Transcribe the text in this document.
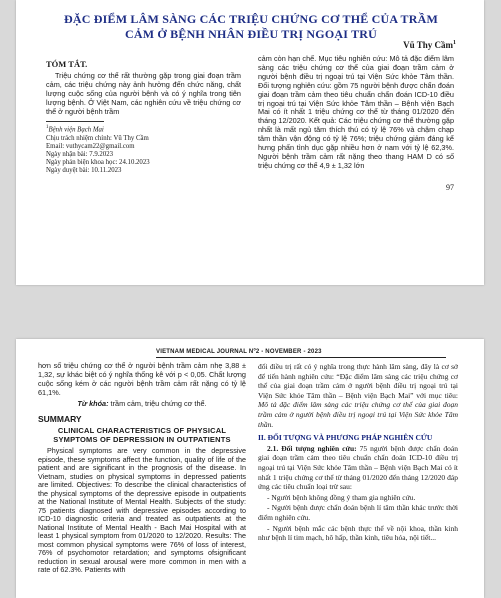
ĐẶC ĐIỂM LÂM SÀNG CÁC TRIỆU CHỨNG CƠ THỂ CỦA TRẦM CẢM Ở BỆNH NHÂN ĐIỀU TRỊ NGOẠI TRÚ
Vũ Thy Cầm$^1$

TÓM TẮT.

Triệu chứng cơ thể rất thường gặp trong giai đoạn trầm cảm, các triệu chứng này ảnh hưởng đến chức năng, chất lượng cuộc sống của người bệnh và có ý nghĩa trong tiên lượng bệnh. Ở Việt Nam, các nghiên cứu về triệu chứng cơ thể ở người bệnh trầm

$^1$Bệnh viện Bạch Mai

Chịu trách nhiệm chính: Vũ Thy Cầm

Email: vuthycam22@gmail.com

Ngày nhận bài: 7.9.2023

Ngày phản biện khoa học: 24.10.2023

Ngày duyệt bài: 10.11.2023

cảm còn hạn chế. Mục tiêu nghiên cứu: Mô tả đặc điểm lâm sàng các triệu chứng cơ thể của giai đoạn trầm cảm ở người bệnh điều trị ngoại trú tại Viện Sức khỏe Tâm thần. Đối tượng nghiên cứu: gồm 75 người bệnh được chẩn đoán giai đoạn trầm cảm theo tiêu chuẩn chẩn đoán ICD-10 điều trị ngoại trú tại Viện Sức khỏe Tâm thần – Bệnh viện Bạch Mai có ít nhất 1 triệu chứng cơ thể từ tháng 01/2020 đến tháng 12/2020. Kết quả: Các triệu chứng cơ thể thường gặp nhất là mất ngủ tăm thích thú có tỷ lệ 76% và chậm chạp tâm thần vận động có tỷ lệ 76%; triệu chứng giảm đáng kể hưng phấn tình dục gặp nhiều hơn ở nam với tỷ lệ 62,3%. Người bệnh trầm cảm rất nặng theo thang HAM D có số triệu chứng cơ thể 4,9 ± 1,32 lớn

97
VIETNAM MEDICAL JOURNAL Nº2 - NOVEMBER - 2023

hơn số triệu chứng cơ thể ở người bệnh trầm cảm nhẹ 3,88 ± 1,32, sự khác biệt có ý nghĩa thống kê với p < 0,05. Chất lượng cuộc sống kém ở các người bệnh trầm cảm rất nặng có tỷ lệ 61,1%.

Từ khóa: trầm cảm, triệu chứng cơ thể.

SUMMARY

CLINICAL CHARACTERISTICS OF PHYSICAL SYMPTOMS OF DEPRESSION IN OUTPATIENTS

Physical symptoms are very common in the depressive episode, these symptoms affect the function, quality of life of the patient and are significant in the prognosis of the disease. In Vietnam, studies on physical symptoms in depressed patients are limited. Objectives: To describe the clinical characteristics of the physical symptoms of the depressive episode in outpatients at the National Institute of Mental Health. Subjects of the study: 75 patients diagnosed with depressive episodes according to ICD-10 diagnostic criteria and treated as outpatients at the National Institute of Mental Health - Bach Mai Hospital with at least 1 physical symptom from 01/2020 to 12/2020. Results: The most common physical symptoms were 76% of loss of interest, 76% of psychomotor retardation; and symptoms ofsignificant reduction in sexual arousal were more common in men with a rate of 62.3%. Patients with

đối điều trị rất có ý nghĩa trong thực hành lâm sàng, đây là cơ sở để tiến hành nghiên cứu: “Đặc điểm lâm sàng các triệu chứng cơ thể của giai đoạn trầm cảm ở người bệnh điều trị ngoại trú tại Viện Sức khỏe Tâm thần – Bệnh viện Bạch Mai” với mục tiêu: Mô tả đặc điểm lâm sàng các triệu chứng cơ thể của giai đoạn trầm cảm ở người bệnh điều trị ngoại trú tại Viện Sức khỏe Tâm thần.

II. ĐỐI TƯỢNG VÀ PHƯƠNG PHÁP NGHIÊN CỨU

2.1. Đối tượng nghiên cứu: 75 người bệnh được chẩn đoán giai đoạn trầm cảm theo tiêu chuẩn chẩn đoán ICD-10 điều trị ngoại trú tại Viện Sức khỏe Tâm thần – Bệnh viện Bạch Mai có ít nhất 1 triệu chứng cơ thể từ tháng 01/2020 đến tháng 12/2020 đáp ứng các tiêu chuẩn loại trừ sau:

- Người bệnh không đồng ý tham gia nghiên cứu.

- Người bệnh được chẩn đoán bệnh lí tâm thần khác trước thời điểm nghiên cứu.

- Người bệnh mắc các bệnh thực thể về nội khoa, thần kinh như bệnh lí tim mạch, hô hấp, thần kinh, tiêu hóa, nội tiết...
